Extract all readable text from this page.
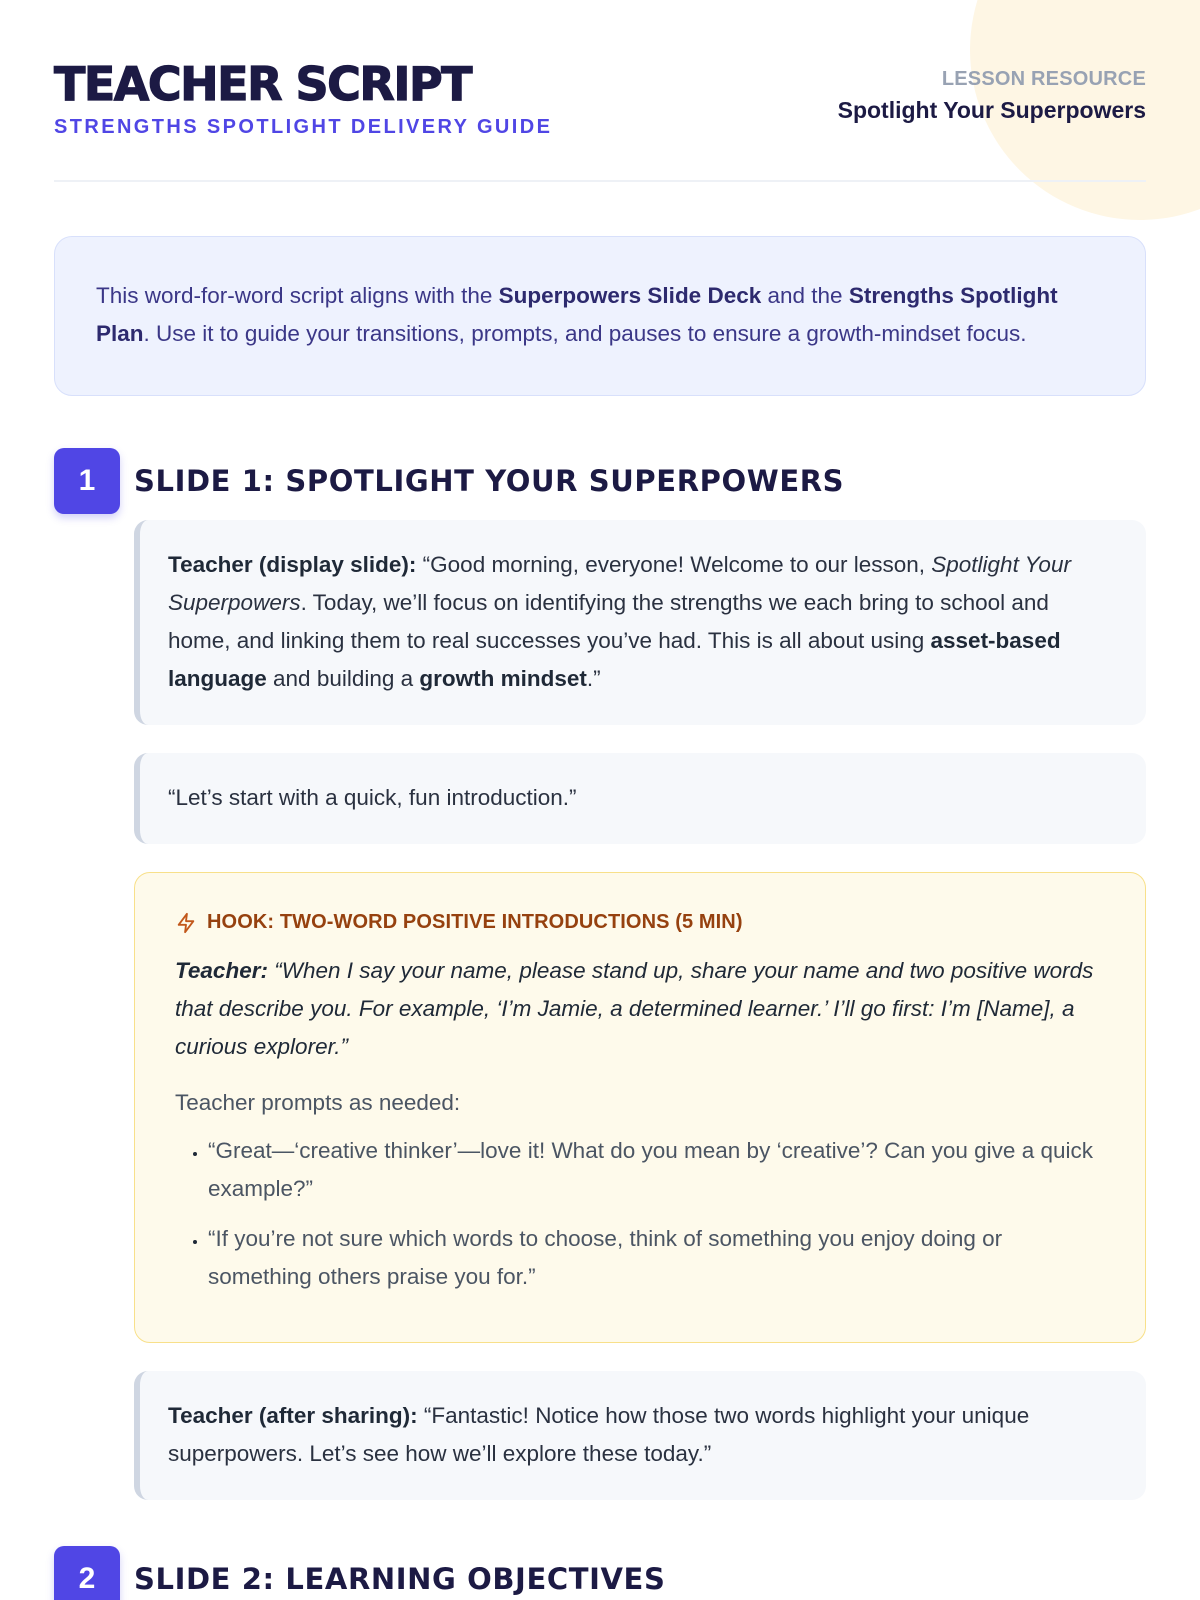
TEACHER SCRIPT
STRENGTHS SPOTLIGHT DELIVERY GUIDE
LESSON RESOURCE
Spotlight Your Superpowers
This word-for-word script aligns with the Superpowers Slide Deck and the Strengths Spotlight Plan. Use it to guide your transitions, prompts, and pauses to ensure a growth-mindset focus.
1	SLIDE 1: SPOTLIGHT YOUR SUPERPOWERS
Teacher (display slide): “Good morning, everyone! Welcome to our lesson, Spotlight Your Superpowers. Today, we’ll focus on identifying the strengths we each bring to school and home, and linking them to real successes you’ve had. This is all about using asset-based language and building a growth mindset.”
“Let’s start with a quick, fun introduction.”
HOOK: TWO-WORD POSITIVE INTRODUCTIONS (5 MIN)

Teacher: “When I say your name, please stand up, share your name and two positive words that describe you. For example, ‘I’m Jamie, a determined learner.’ I’ll go first: I’m [Name], a curious explorer.”

Teacher prompts as needed:

• “Great—‘creative thinker’—love it! What do you mean by ‘creative’? Can you give a quick example?”
• “If you’re not sure which words to choose, think of something you enjoy doing or something others praise you for.”
Teacher (after sharing): “Fantastic! Notice how those two words highlight your unique superpowers. Let’s see how we’ll explore these today.”
2	SLIDE 2: LEARNING OBJECTIVES
